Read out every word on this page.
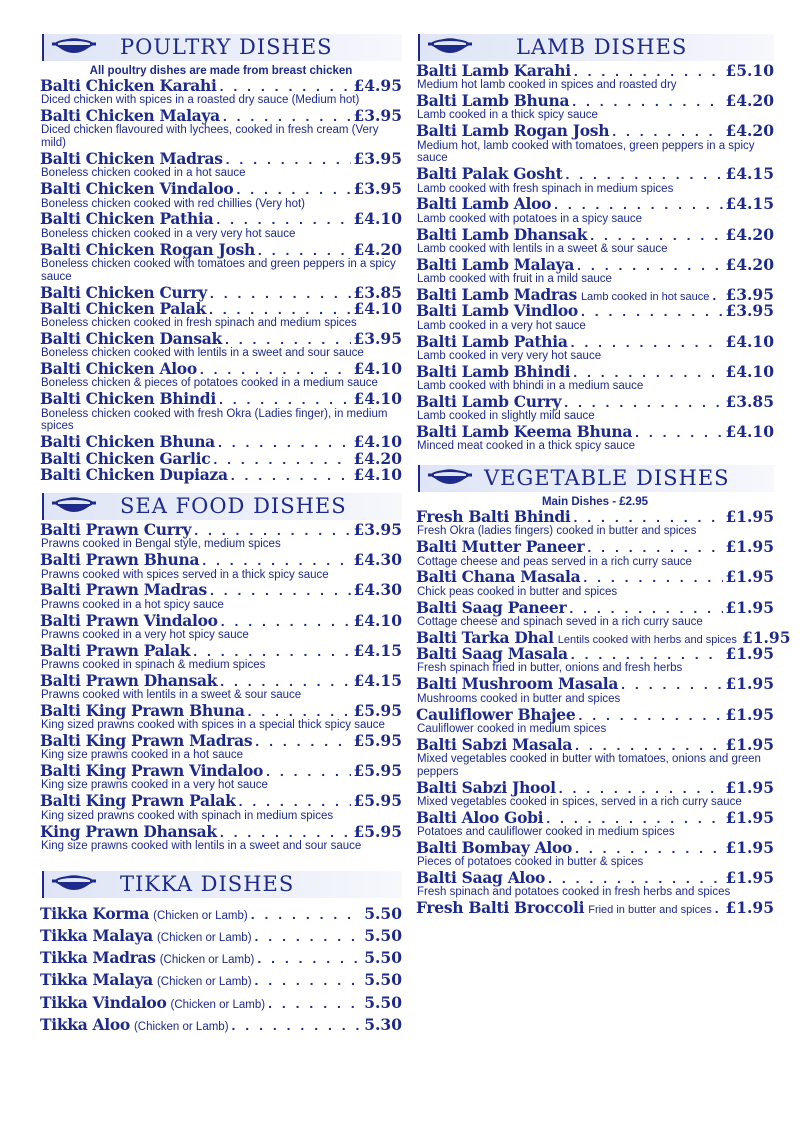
POULTRY DISHES
All poultry dishes are made from breast chicken
Balti Chicken Karahi . . .	£4.95
Diced chicken with spices in a roasted dry sauce (Medium hot)
Balti Chicken Malaya . . .	£3.95
Diced chicken flavoured with lychees, cooked in fresh cream (Very mild)
Balti Chicken Madras . . .	£3.95
Boneless chicken cooked in a hot sauce
Balti Chicken Vindaloo . . .	£3.95
Boneless chicken cooked with red chillies (Very hot)
Balti Chicken Pathia . . .	£4.10
Boneless chicken cooked in a very very hot sauce
Balti Chicken Rogan Josh . . .	£4.20
Boneless chicken cooked with tomatoes and green peppers in a spicy sauce
Balti Chicken Curry . . .	£3.85
Balti Chicken Palak . . .	£4.10
Boneless chicken cooked in fresh spinach and medium spices
Balti Chicken Dansak . . .	£3.95
Boneless chicken cooked with lentils in a sweet and sour sauce
Balti Chicken Aloo . . .	£4.10
Boneless chicken & pieces of potatoes cooked in a medium sauce
Balti Chicken Bhindi . . .	£4.10
Boneless chicken cooked with fresh Okra (Ladies finger), in medium spices
Balti Chicken Bhuna . . .	£4.10
Balti Chicken Garlic . . .	£4.20
Balti Chicken Dupiaza . . .	£4.10
SEA FOOD DISHES
Balti Prawn Curry . . .	£3.95
Prawns cooked in Bengal style, medium spices
Balti Prawn Bhuna . . .	£4.30
Prawns cooked with spices served in a thick spicy sauce
Balti Prawn Madras . . .	£4.30
Prawns cooked in a hot spicy sauce
Balti Prawn Vindaloo . . .	£4.10
Prawns cooked in a very hot spicy sauce
Balti Prawn Palak . . .	£4.15
Prawns cooked in spinach & medium spices
Balti Prawn Dhansak . . .	£4.15
Prawns cooked with lentils in a sweet & sour sauce
Balti King Prawn Bhuna . . .	£5.95
King sized prawns cooked with spices in a special thick spicy sauce
Balti King Prawn Madras . . .	£5.95
King size prawns cooked in a hot sauce
Balti King Prawn Vindaloo . . .	£5.95
King size prawns cooked in a very hot sauce
Balti King Prawn Palak . . .	£5.95
King sized prawns cooked with spinach in medium spices
King Prawn Dhansak . . .	£5.95
King size prawns cooked with lentils in a sweet and sour sauce
TIKKA DISHES
Tikka Korma (Chicken or Lamb) . . .	5.50
Tikka Malaya (Chicken or Lamb) . . .	5.50
Tikka Madras (Chicken or Lamb) . . .	5.50
Tikka Malaya (Chicken or Lamb) . . .	5.50
Tikka Vindaloo (Chicken or Lamb) . . .	5.50
Tikka Aloo (Chicken or Lamb) . . .	5.30
LAMB DISHES
Balti Lamb Karahi . . .	£5.10
Medium hot lamb cooked in spices and roasted dry
Balti Lamb Bhuna . . .	£4.20
Lamb cooked in a thick spicy sauce
Balti Lamb Rogan Josh . . .	£4.20
Medium hot, lamb cooked with tomatoes, green peppers in a spicy sauce
Balti Palak Gosht . . .	£4.15
Lamb cooked with fresh spinach in medium spices
Balti Lamb Aloo . . .	£4.15
Lamb cooked with potatoes in a spicy sauce
Balti Lamb Dhansak . . .	£4.20
Lamb cooked with lentils in a sweet & sour sauce
Balti Lamb Malaya . . .	£4.20
Lamb cooked with fruit in a mild sauce
Balti Lamb Madras Lamb cooked in hot sauce . . . £3.95
Balti Lamb Vindloo . . .	£3.95
Lamb cooked in a very hot sauce
Balti Lamb Pathia . . .	£4.10
Lamb cooked in very very hot sauce
Balti Lamb Bhindi . . .	£4.10
Lamb cooked with bhindi in a medium sauce
Balti Lamb Curry . . .	£3.85
Lamb cooked in slightly mild sauce
Balti Lamb Keema Bhuna . . .	£4.10
Minced meat cooked in a thick spicy sauce
VEGETABLE DISHES
Main Dishes - £2.95
Fresh Balti Bhindi . . .	£1.95
Fresh Okra (ladies fingers) cooked in butter and spices
Balti Mutter Paneer . . .	£1.95
Cottage cheese and peas served in a rich curry sauce
Balti Chana Masala . . .	£1.95
Chick peas cooked in butter and spices
Balti Saag Paneer . . .	£1.95
Cottage cheese and spinach seved in a rich curry sauce
Balti Tarka Dhal Lentils cooked with herbs and spices £1.95
Balti Saag Masala . . .	£1.95
Fresh spinach fried in butter, onions and fresh herbs
Balti Mushroom Masala . . .	£1.95
Mushrooms cooked in butter and spices
Cauliflower Bhajee . . .	£1.95
Cauliflower cooked in medium spices
Balti Sabzi Masala . . .	£1.95
Mixed vegetables cooked in butter with tomatoes, onions and green peppers
Balti Sabzi Jhool . . .	£1.95
Mixed vegetables cooked in spices, served in a rich curry sauce
Balti Aloo Gobi . . .	£1.95
Potatoes and cauliflower cooked in medium spices
Balti Bombay Aloo . . .	£1.95
Pieces of potatoes cooked in butter & spices
Balti Saag Aloo . . .	£1.95
Fresh spinach and potatoes cooked in fresh herbs and spices
Fresh Balti Broccoli Fried in butter and spices . . . £1.95
